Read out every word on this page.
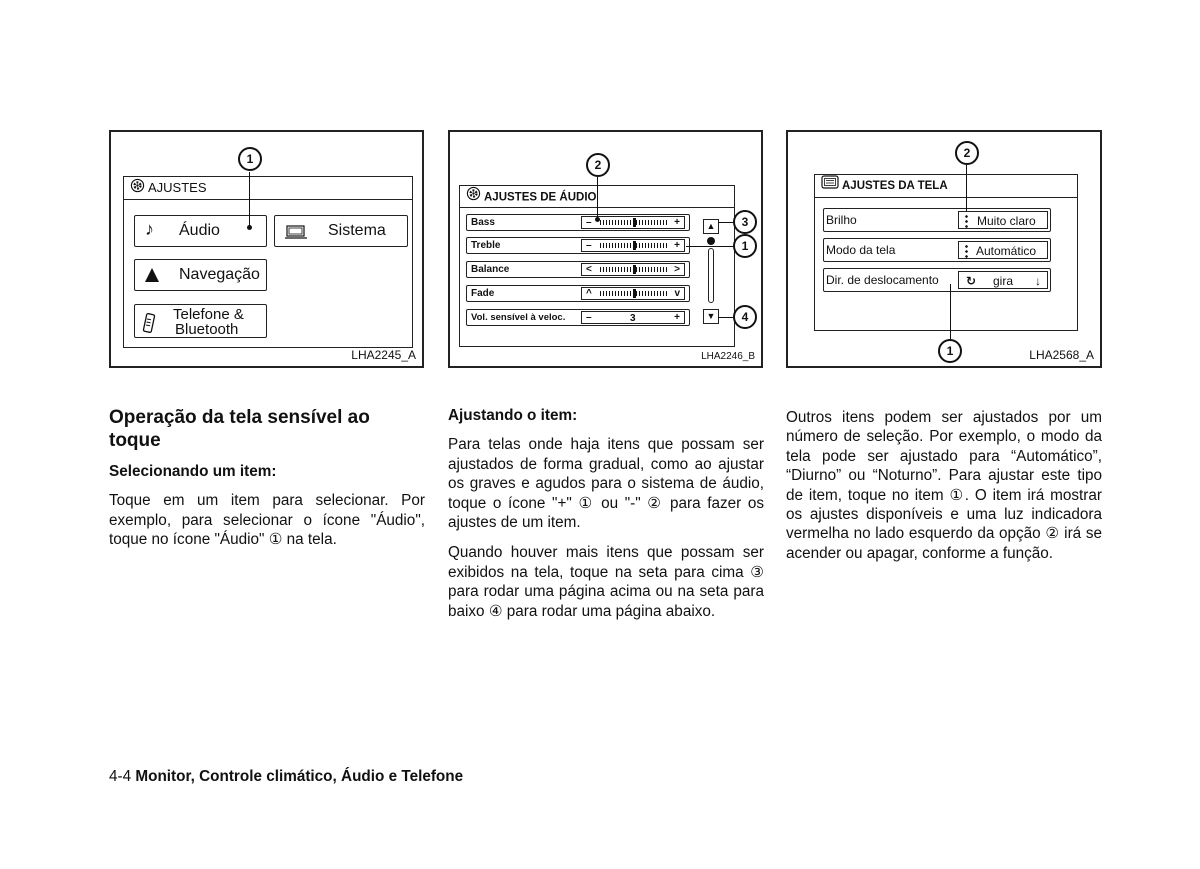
AJUSTES
♪ Áudio	Sistema
Navegação
Telefone &
Bluetooth
1
LHA2245_A
AJUSTES DE ÁUDIO
Bass	–	+
Treble	–	+
Balance	<	>
Fade	^	v
Vol. sensível à veloc. –	3	+
▲
▼
2
3
1
4
LHA2246_B
AJUSTES DA TELA
Brilho	Muito claro
Modo da tela	Automático
Dir. de deslocamento ↻ gira ↓
2
1	LHA2568_A
Operação da tela sensível ao
toque
Selecionando um item:

Toque em um item para selecionar. Por exemplo, para selecionar o ícone "Áudio", toque no ícone "Áudio" ① na tela.

Ajustando o item:

Para telas onde haja itens que possam ser ajustados de forma gradual, como ao ajustar os graves e agudos para o sistema de áudio, toque o ícone "+" ① ou "-" ② para fazer os ajustes de um item.

Quando houver mais itens que possam ser exibidos na tela, toque na seta para cima ③ para rodar uma página acima ou na seta para baixo ④ para rodar uma página abaixo.

Outros itens podem ser ajustados por um número de seleção. Por exemplo, o modo da tela pode ser ajustado para “Automático”, “Diurno” ou “Noturno”. Para ajustar este tipo de item, toque no item ①. O item irá mostrar os ajustes disponíveis e uma luz indicadora vermelha no lado esquerdo da opção ② irá se acender ou apagar, conforme a função.

4-4 Monitor, Controle climático, Áudio e Telefone
